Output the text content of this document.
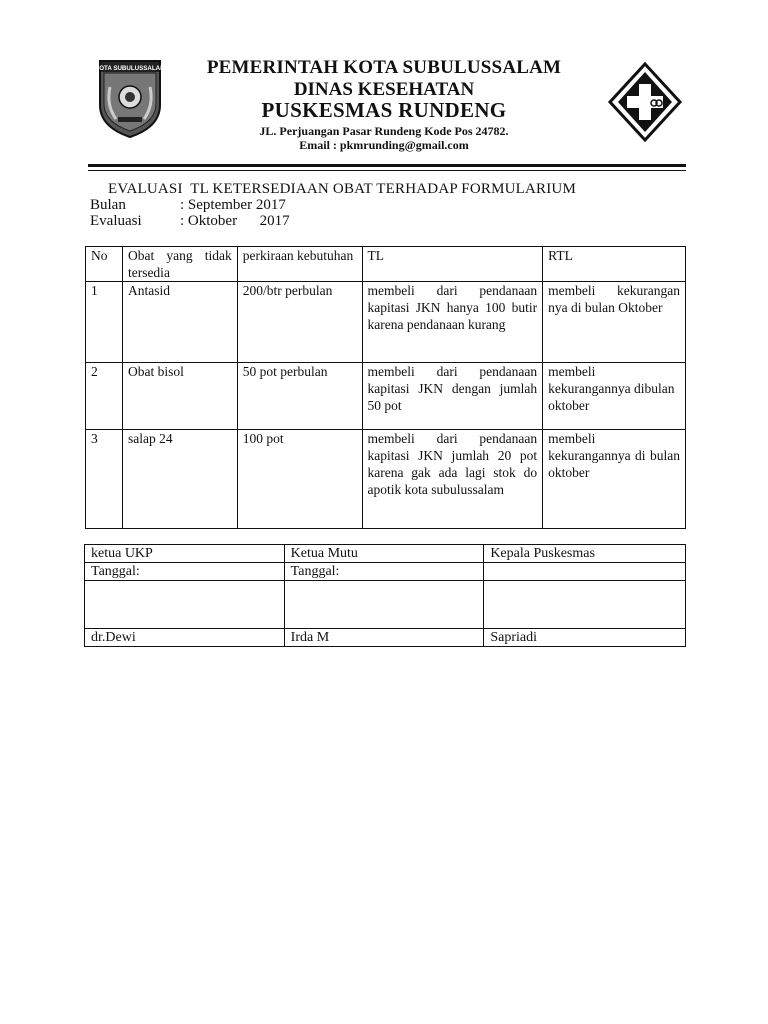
KOTA SUBULUSSALAM	PEMERINTAH KOTA SUBULUSSALAM
DINAS KESEHATAN
PUSKESMAS RUNDENG
JL. Perjuangan Pasar Rundeng Kode Pos 24782.
Email : pkmrunding@gmail.com
EVALUASI  TL KETERSEDIAAN OBAT TERHADAP FORMULARIUM
Bulan	: September 2017
Evaluasi	: Oktober      2017
No	Obat yang tidak tersedia	perkiraan kebutuhan	TL	RTL
1	Antasid	200/btr perbulan	membeli dari pendanaan kapitasi JKN hanya 100 butir karena pendanaan kurang	membeli kekurangan nya di bulan Oktober
2	Obat bisol	50 pot perbulan	membeli dari pendanaan kapitasi JKN dengan jumlah 50 pot	membeli kekurangannya dibulan oktober
3	salap 24	100 pot	membeli dari pendanaan kapitasi JKN jumlah 20 pot karena gak ada lagi stok do apotik kota subulussalam	membeli kekurangannya di bulan oktober
ketua UKP	Ketua Mutu	Kepala Puskesmas
Tanggal:	Tanggal:	

dr.Dewi	Irda M	Sapriadi
